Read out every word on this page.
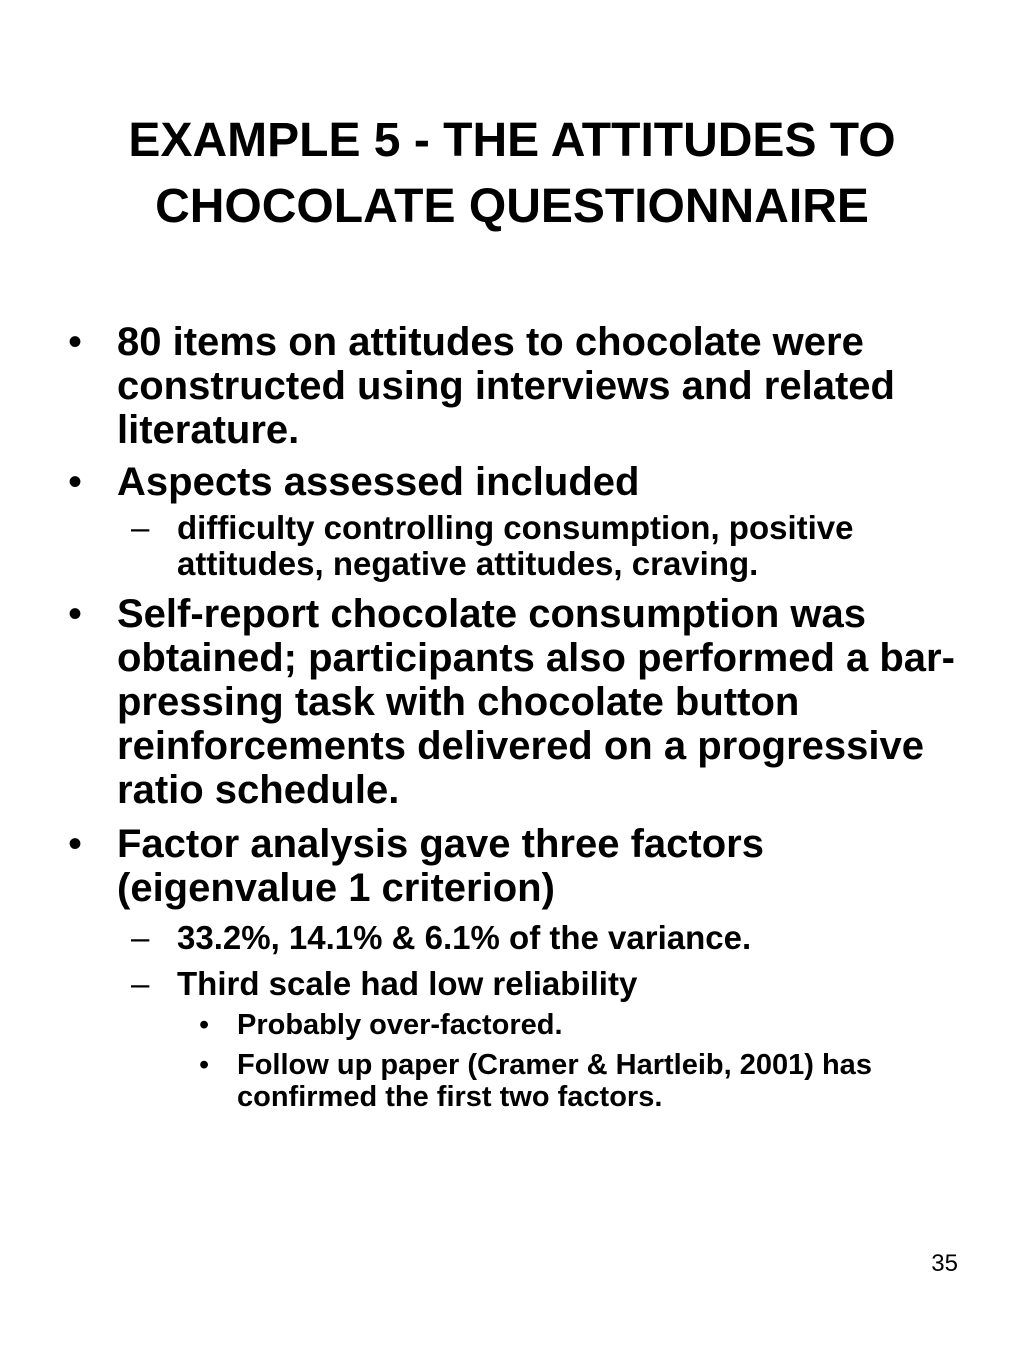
EXAMPLE 5 - THE ATTITUDES TO
CHOCOLATE QUESTIONNAIRE
• 80 items on attitudes to chocolate were constructed using interviews and related literature.
• Aspects assessed included
– difficulty controlling consumption, positive attitudes, negative attitudes, craving.
• Self-report chocolate consumption was obtained; participants also performed a bar-pressing task with chocolate button reinforcements delivered on a progressive ratio schedule.
• Factor analysis gave three factors (eigenvalue 1 criterion)
– 33.2%, 14.1% & 6.1% of the variance.
– Third scale had low reliability
• Probably over-factored.
• Follow up paper (Cramer & Hartleib, 2001) has confirmed the first two factors.
35
